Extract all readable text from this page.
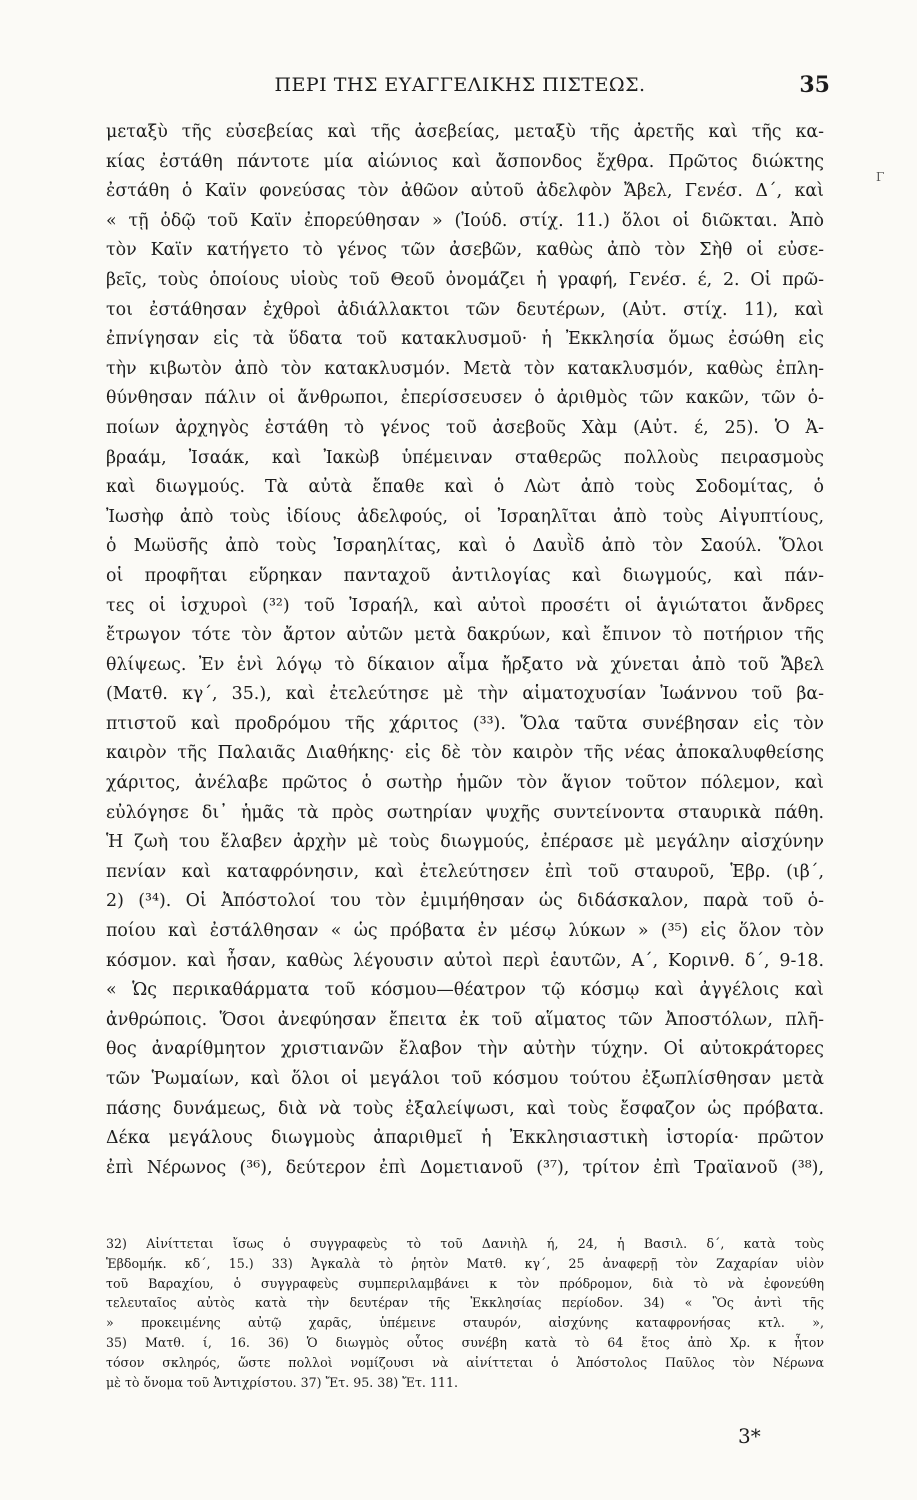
ΠΕΡΙ ΤΗΣ ΕΥΑΓΓΕΛΙΚΗΣ ΠΙΣΤΕΩΣ.	35
Γ
μεταξὺ τῆς εὐσεβείας καὶ τῆς ἀσεβείας, μεταξὺ τῆς ἀρετῆς καὶ τῆς κα-
κίας ἐστάθη πάντοτε μία αἰώνιος καὶ ἄσπονδος ἔχθρα. Πρῶτος διώκτης
ἐστάθη ὁ Καϊν φονεύσας τὸν ἀθῶον αὐτοῦ ἀδελφὸν Ἄβελ, Γενέσ. Δ΄, καὶ
« τῇ ὁδῷ τοῦ Καϊν ἐπορεύθησαν » (Ἰούδ. στίχ. 11.) ὅλοι οἱ διῶκται. Ἀπὸ
τὸν Καϊν κατήγετο τὸ γένος τῶν ἀσεβῶν, καθὼς ἀπὸ τὸν Σὴθ οἱ εὐσε-
βεῖς, τοὺς ὁποίους υἱοὺς τοῦ Θεοῦ ὀνομάζει ἡ γραφή, Γενέσ. έ, 2. Οἱ πρῶ-
τοι ἐστάθησαν ἐχθροὶ ἀδιάλλακτοι τῶν δευτέρων, (Αὐτ. στίχ. 11), καὶ
ἐπνίγησαν εἰς τὰ ὕδατα τοῦ κατακλυσμοῦ· ἡ Ἐκκλησία ὅμως ἐσώθη εἰς
τὴν κιβωτὸν ἀπὸ τὸν κατακλυσμόν. Μετὰ τὸν κατακλυσμόν, καθὼς ἐπλη-
θύνθησαν πάλιν οἱ ἄνθρωποι, ἐπερίσσευσεν ὁ ἀριθμὸς τῶν κακῶν, τῶν ὁ-
ποίων ἀρχηγὸς ἐστάθη τὸ γένος τοῦ ἀσεβοῦς Χὰμ (Αὐτ. έ, 25). Ὁ Ἀ-
βραάμ, Ἰσαάκ, καὶ Ἰακὼβ ὑπέμειναν σταθερῶς πολλοὺς πειρασμοὺς
καὶ διωγμούς. Τὰ αὐτὰ ἔπαθε καὶ ὁ Λὼτ ἀπὸ τοὺς Σοδομίτας, ὁ
Ἰωσὴφ ἀπὸ τοὺς ἰδίους ἀδελφούς, οἱ Ἰσραηλῖται ἀπὸ τοὺς Αἰγυπτίους,
ὁ Μωϋσῆς ἀπὸ τοὺς Ἰσραηλίτας, καὶ ὁ Δαυῒδ ἀπὸ τὸν Σαούλ. Ὅλοι
οἱ προφῆται εὕρηκαν πανταχοῦ ἀντιλογίας καὶ διωγμούς, καὶ πάν-
τες οἱ ἰσχυροὶ (³²) τοῦ Ἰσραήλ, καὶ αὐτοὶ προσέτι οἱ ἁγιώτατοι ἄνδρες
ἔτρωγον τότε τὸν ἄρτον αὐτῶν μετὰ δακρύων, καὶ ἔπινον τὸ ποτήριον τῆς
θλίψεως. Ἐν ἑνὶ λόγῳ τὸ δίκαιον αἷμα ἤρξατο νὰ χύνεται ἀπὸ τοῦ Ἄβελ
(Ματθ. κγ΄, 35.), καὶ ἐτελεύτησε μὲ τὴν αἱματοχυσίαν Ἰωάννου τοῦ βα-
πτιστοῦ καὶ προδρόμου τῆς χάριτος (³³). Ὅλα ταῦτα συνέβησαν εἰς τὸν
καιρὸν τῆς Παλαιᾶς Διαθήκης· εἰς δὲ τὸν καιρὸν τῆς νέας ἀποκαλυφθείσης
χάριτος, ἀνέλαβε πρῶτος ὁ σωτὴρ ἡμῶν τὸν ἅγιον τοῦτον πόλεμον, καὶ
εὐλόγησε δι᾽ ἡμᾶς τὰ πρὸς σωτηρίαν ψυχῆς συντείνοντα σταυρικὰ πάθη.
Ἡ ζωὴ του ἔλαβεν ἀρχὴν μὲ τοὺς διωγμούς, ἐπέρασε μὲ μεγάλην αἰσχύνην
πενίαν καὶ καταφρόνησιν, καὶ ἐτελεύτησεν ἐπὶ τοῦ σταυροῦ, Ἑβρ. (ιβ΄,
2) (³⁴). Οἱ Ἀπόστολοί του τὸν ἐμιμήθησαν ὡς διδάσκαλον, παρὰ τοῦ ὁ-
ποίου καὶ ἐστάλθησαν « ὡς πρόβατα ἐν μέσῳ λύκων » (³⁵) εἰς ὅλον τὸν
κόσμον. καὶ ἦσαν, καθὼς λέγουσιν αὐτοὶ περὶ ἑαυτῶν, Α΄, Κορινθ. δ΄, 9-18.
« Ὡς περικαθάρματα τοῦ κόσμου—θέατρον τῷ κόσμῳ καὶ ἀγγέλοις καὶ
ἀνθρώποις. Ὅσοι ἀνεφύησαν ἔπειτα ἐκ τοῦ αἵματος τῶν Ἀποστόλων, πλῆ-
θος ἀναρίθμητον χριστιανῶν ἔλαβον τὴν αὐτὴν τύχην. Οἱ αὐτοκράτορες
τῶν Ῥωμαίων, καὶ ὅλοι οἱ μεγάλοι τοῦ κόσμου τούτου ἐξωπλίσθησαν μετὰ
πάσης δυνάμεως, διὰ νὰ τοὺς ἐξαλείψωσι, καὶ τοὺς ἔσφαζον ὡς πρόβατα.
Δέκα μεγάλους διωγμοὺς ἀπαριθμεῖ ἡ Ἐκκλησιαστικὴ ἱστορία· πρῶτον
ἐπὶ Νέρωνος (³⁶), δεύτερον ἐπὶ Δομετιανοῦ (³⁷), τρίτον ἐπὶ Τραϊανοῦ (³⁸),
32) Αἰνίττεται ἴσως ὁ συγγραφεὺς τὸ τοῦ Δανιὴλ ή, 24, ἡ Βασιλ. δ΄, κατὰ τοὺς
Ἑβδομήκ. κδ΄, 15.) 33) Ἀγκαλὰ τὸ ῥητὸν Ματθ. κγ΄, 25 ἀναφερῇ τὸν Ζαχαρίαν υἱὸν
τοῦ Βαραχίου, ὁ συγγραφεὺς συμπεριλαμβάνει κ τὸν πρόδρομον, διὰ τὸ νὰ ἐφονεύθη
τελευταῖος αὐτὸς κατὰ τὴν δευτέραν τῆς Ἐκκλησίας περίοδον. 34) « Ὃς ἀντὶ τῆς
» προκειμένης αὐτῷ χαρᾶς, ὑπέμεινε σταυρόν, αἰσχύνης καταφρονήσας κτλ. »,
35) Ματθ. ί, 16. 36) Ὁ διωγμὸς οὗτος συνέβη κατὰ τὸ 64 ἔτος ἀπὸ Χρ. κ ἦτον
τόσον σκληρός, ὥστε πολλοὶ νομίζουσι νὰ αἰνίττεται ὁ Ἀπόστολος Παῦλος τὸν Νέρωνα
μὲ τὸ ὄνομα τοῦ Ἀντιχρίστου. 37) Ἔτ. 95. 38) Ἔτ. 111.
3*
